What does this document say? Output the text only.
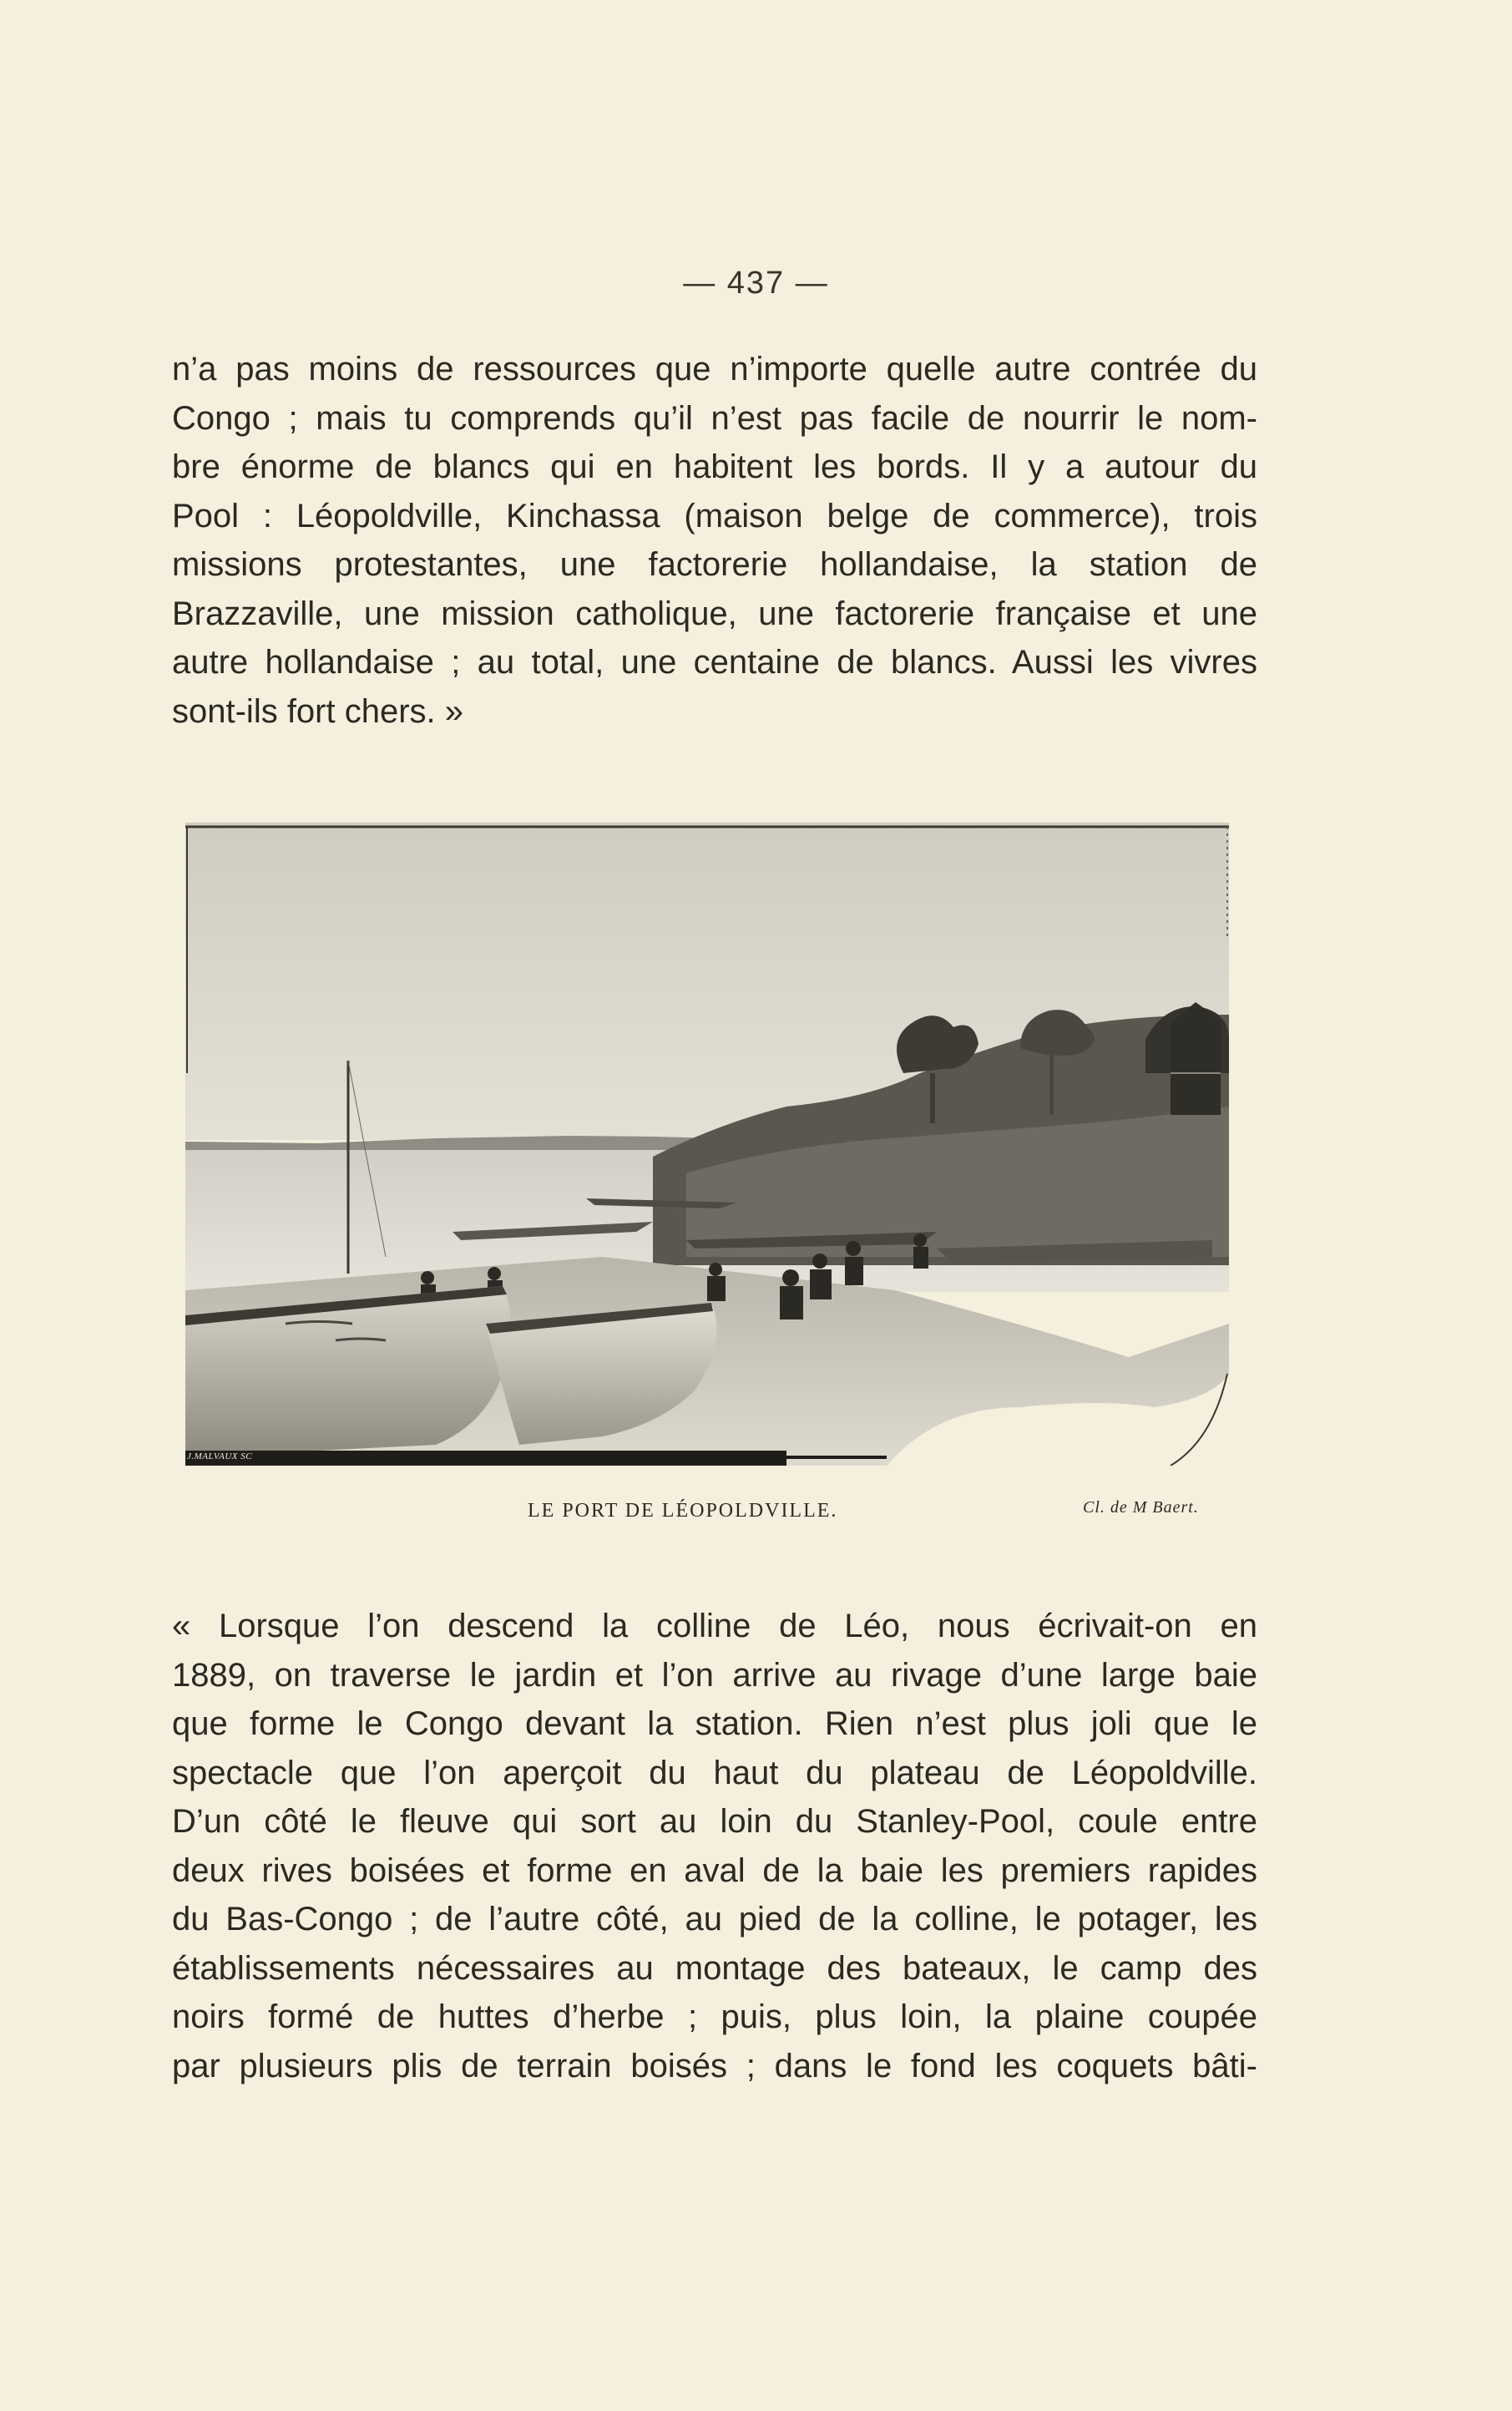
— 437 —
n’a pas moins de ressources que n’importe quelle autre contrée du
Congo ; mais tu comprends qu’il n’est pas facile de nourrir le nom-
bre énorme de blancs qui en habitent les bords. Il y a autour du
Pool : Léopoldville, Kinchassa (maison belge de commerce), trois
missions protestantes, une factorerie hollandaise, la station de
Brazzaville, une mission catholique, une factorerie française et une
autre hollandaise ; au total, une centaine de blancs. Aussi les vivres
sont-ils fort chers. »
J.MALVAUX SC
LE PORT DE LÉOPOLDVILLE.	Cl. de M Baert.
« Lorsque l’on descend la colline de Léo, nous écrivait-on en
1889, on traverse le jardin et l’on arrive au rivage d’une large baie
que forme le Congo devant la station. Rien n’est plus joli que le
spectacle que l’on aperçoit du haut du plateau de Léopoldville.
D’un côté le fleuve qui sort au loin du Stanley-Pool, coule entre
deux rives boisées et forme en aval de la baie les premiers rapides
du Bas-Congo ; de l’autre côté, au pied de la colline, le potager, les
établissements nécessaires au montage des bateaux, le camp des
noirs formé de huttes d’herbe ; puis, plus loin, la plaine coupée
par plusieurs plis de terrain boisés ; dans le fond les coquets bâti-
